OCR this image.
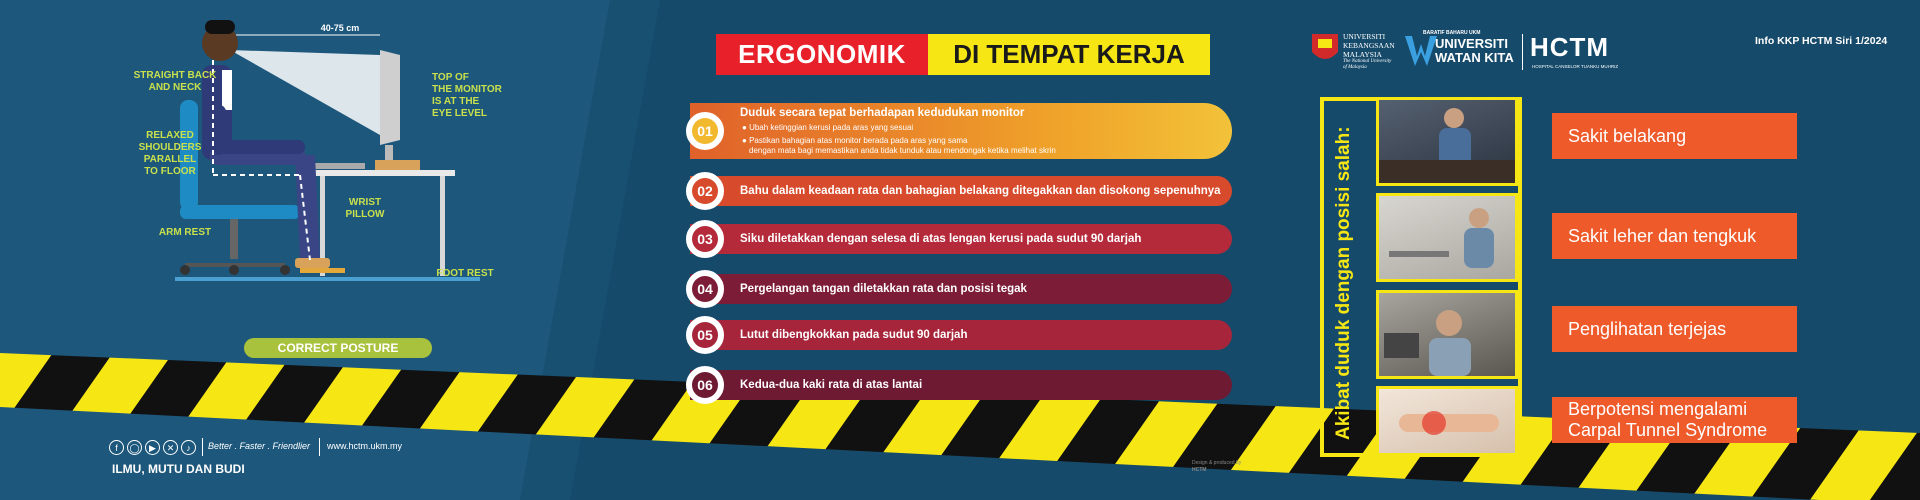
40-75 cm
STRAIGHT BACK
AND NECK
RELAXED
SHOULDERS
PARALLEL
TO FLOOR
ARM REST
TOP OF
THE MONITOR
IS AT THE
EYE LEVEL
WRIST
PILLOW
FOOT REST
CORRECT POSTURE
ERGONOMIK	DI TEMPAT KERJA
01
Duduk secara tepat berhadapan kedudukan monitor
● Ubah ketinggian kerusi pada aras yang sesuai
● Pastikan bahagian atas monitor berada pada aras yang sama
dengan mata bagi memastikan anda tidak tunduk atau mendongak ketika melihat skrin
02	Bahu dalam keadaan rata dan bahagian belakang ditegakkan dan disokong sepenuhnya
03	Siku diletakkan dengan selesa di atas lengan kerusi pada sudut 90 darjah
04	Pergelangan tangan diletakkan rata dan posisi tegak
05	Lutut dibengkokkan pada sudut 90 darjah
06	Kedua-dua kaki rata di atas lantai
UNIVERSITI
KEBANGSAAN
MALAYSIA
The National University of Malaysia
BARATIF BAHARU UKM
UNIVERSITI
WATAN KITA HCTM
HOSPITAL CANSELOR TUANKU MUHRIZ
Info KKP HCTM Siri 1/2024
Akibat duduk dengan posisi salah:	Sakit belakang
Sakit leher dan tengkuk
Penglihatan terjejas
Berpotensi mengalami Carpal Tunnel Syndrome
f	◯	▶	✕	♪	Better . Faster . Friendlier www.hctm.ukm.my
ILMU, MUTU DAN BUDI	Design & produced by
HCTM
